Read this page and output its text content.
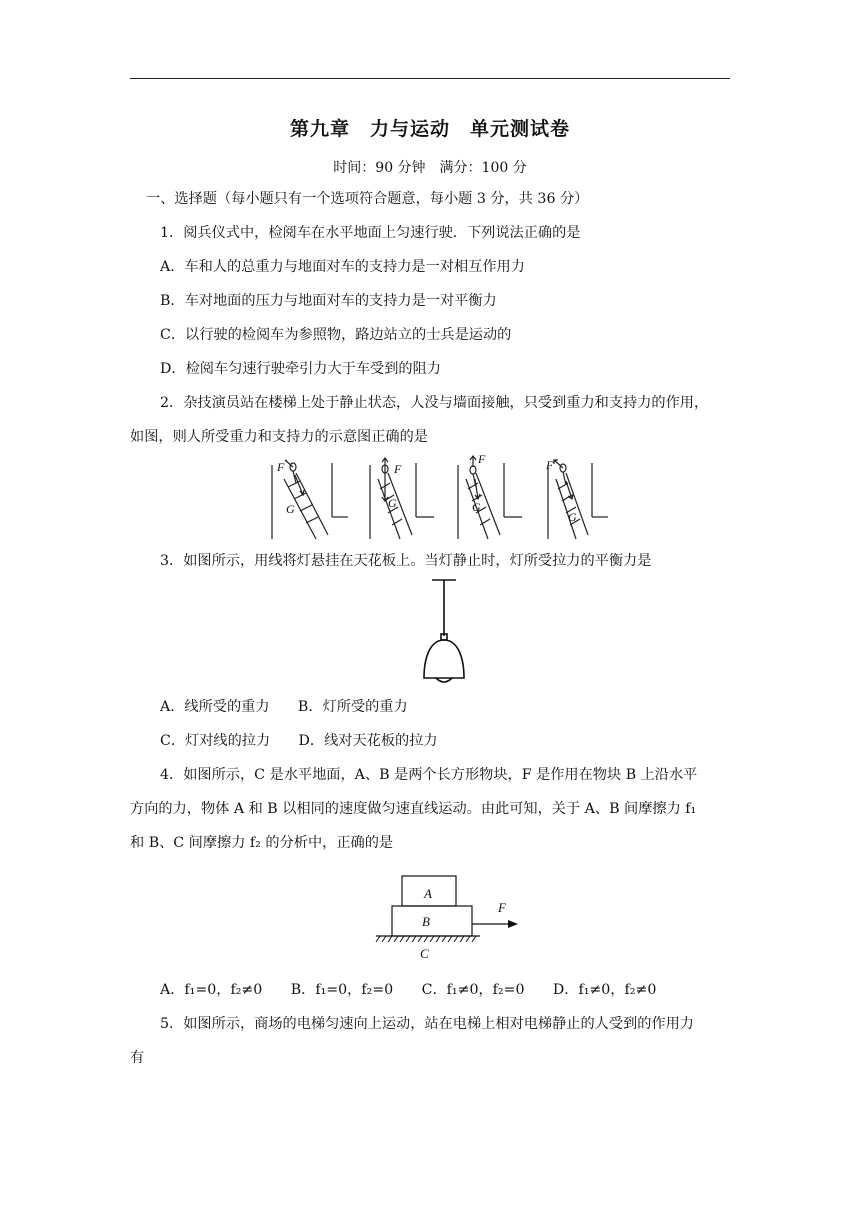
第九章　力与运动　单元测试卷
时间：90 分钟　满分：100 分
一、选择题（每小题只有一个选项符合题意，每小题 3 分，共 36 分）
1．阅兵仪式中，检阅车在水平地面上匀速行驶．下列说法正确的是
A．车和人的总重力与地面对车的支持力是一对相互作用力
B．车对地面的压力与地面对车的支持力是一对平衡力
C．以行驶的检阅车为参照物，路边站立的士兵是运动的
D．检阅车匀速行驶牵引力大于车受到的阻力
2．杂技演员站在楼梯上处于静止状态，人没与墙面接触，只受到重力和支持力的作用，
如图，则人所受重力和支持力的示意图正确的是
F
G
F
G
F
G
F
G
3．如图所示，用线将灯悬挂在天花板上。当灯静止时，灯所受拉力的平衡力是
A．线所受的重力　　B．灯所受的重力
C．灯对线的拉力　　D．线对天花板的拉力
4．如图所示，C 是水平地面，A、B 是两个长方形物块，F 是作用在物块 B 上沿水平
方向的力，物体 A 和 B 以相同的速度做匀速直线运动。由此可知，关于 A、B 间摩擦力 f₁
和 B、C 间摩擦力 f₂ 的分析中，正确的是
A
B
C
F
A．f₁=0，f₂≠0　　B．f₁=0，f₂=0　　C．f₁≠0，f₂=0　　D．f₁≠0，f₂≠0
5．如图所示，商场的电梯匀速向上运动，站在电梯上相对电梯静止的人受到的作用力
有
